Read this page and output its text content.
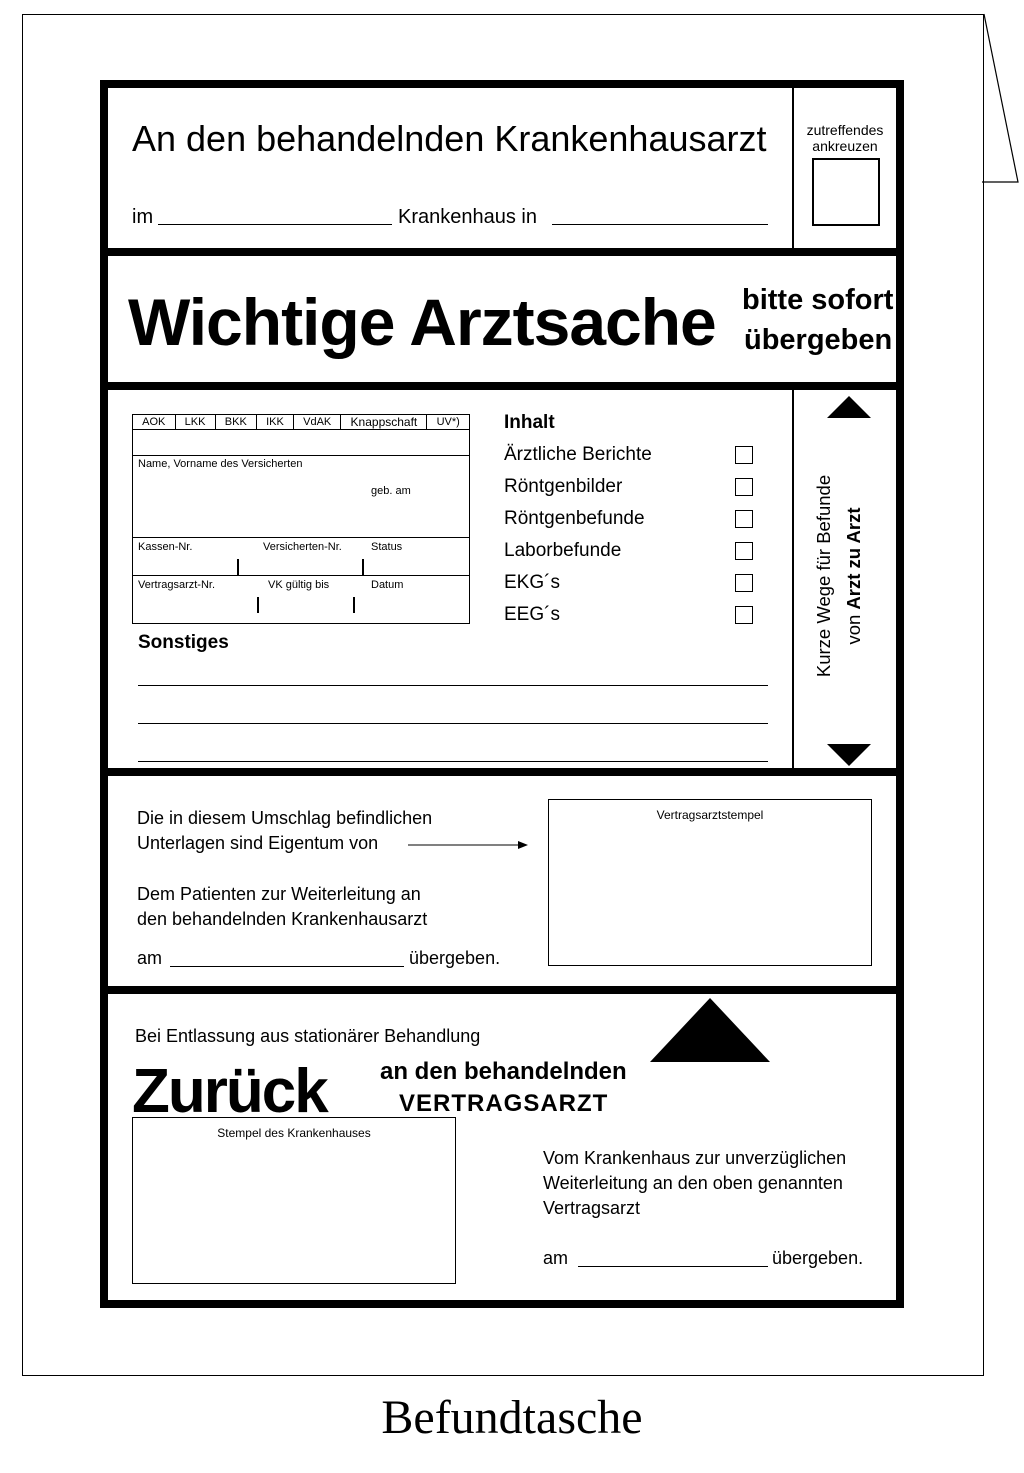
An den behandelnden Krankenhausarzt
im	Krankenhaus in
zutreffendes
ankreuzen
Wichtige Arztsache bitte sofort
übergeben
AOK	LKK	BKK	IKK	VdAK	Knappschaft	UV*)
Name, Vorname des Versicherten
geb. am
Kassen-Nr.	Versicherten-Nr.	Status
Vertragsarzt-Nr.	VK gültig bis	Datum
Inhalt
Ärztliche Berichte
Röntgenbilder
Röntgenbefunde
Laborbefunde
EKG´s
EEG´s
Sonstiges	Kurze Wege für Befunde von Arzt zu Arzt
Die in diesem Umschlag befindlichen
Unterlagen sind Eigentum von
Dem Patienten zur Weiterleitung an
den behandelnden Krankenhausarzt
am	übergeben.
Vertragsarztstempel
Bei Entlassung aus stationärer Behandlung
Zurück an den behandelnden
VERTRAGSARZT
Stempel des Krankenhauses
Vom Krankenhaus zur unverzüglichen
Weiterleitung an den oben genannten
Vertragsarzt
am	übergeben.
Befundtasche
